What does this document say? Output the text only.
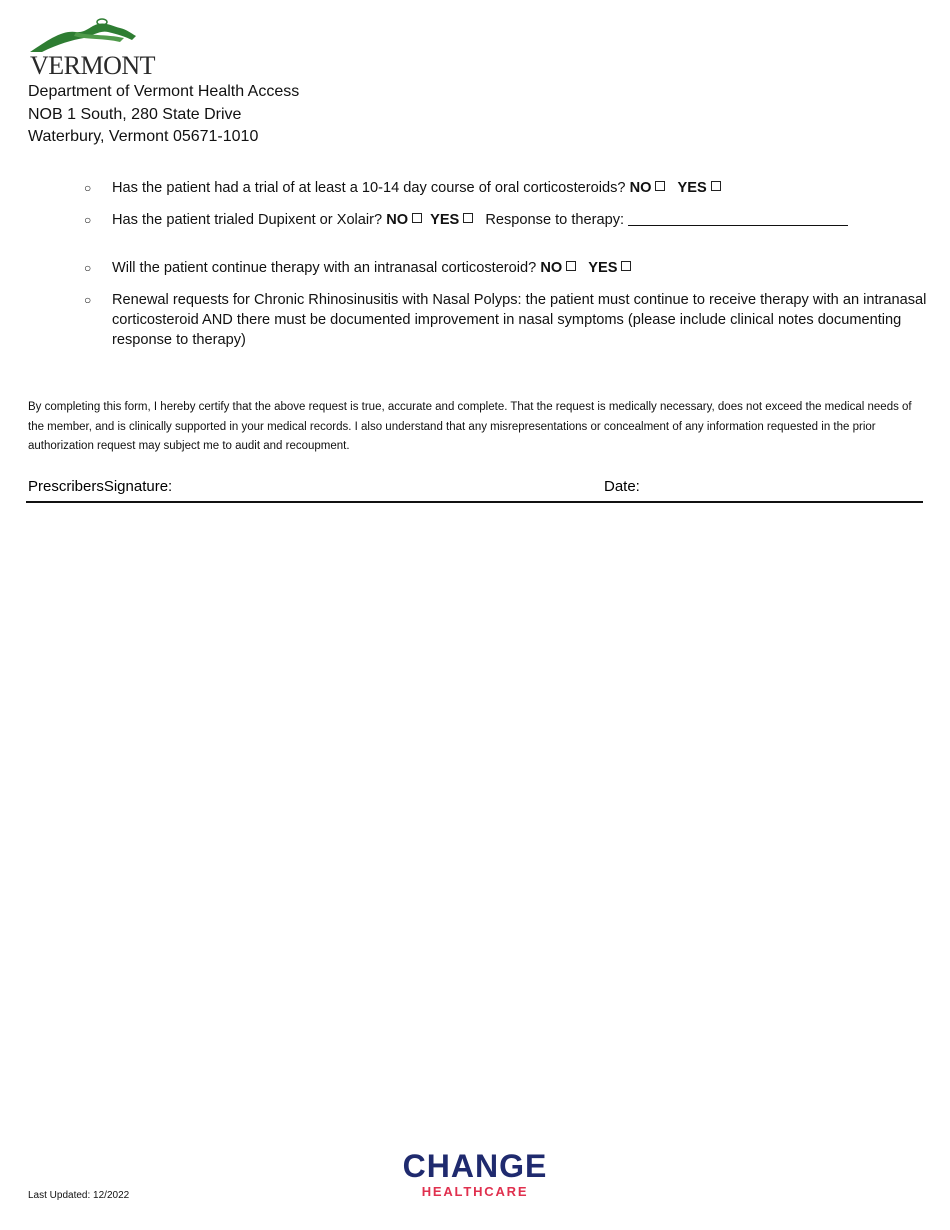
VERMONT
Department of Vermont Health Access
NOB 1 South, 280 State Drive
Waterbury, Vermont 05671-1010
○	Has the patient had a trial of at least a 10-14 day course of oral corticosteroids? NO YES
○	Has the patient trialed Dupixent or Xolair? NO YES Response to therapy:
○	Will the patient continue therapy with an intranasal corticosteroid? NO YES
○	Renewal requests for Chronic Rhinosinusitis with Nasal Polyps: the patient must continue to receive therapy with an intranasal corticosteroid AND there must be documented improvement in nasal symptoms (please include clinical notes documenting response to therapy)
By completing this form, I hereby certify that the above request is true, accurate and complete. That the request is medically necessary, does not exceed the medical needs of the member, and is clinically supported in your medical records. I also understand that any misrepresentations or concealment of any information requested in the prior authorization request may subject me to audit and recoupment.
PrescribersSignature:	Date:
Last Updated: 12/2022
CHANGE
HEALTHCARE
